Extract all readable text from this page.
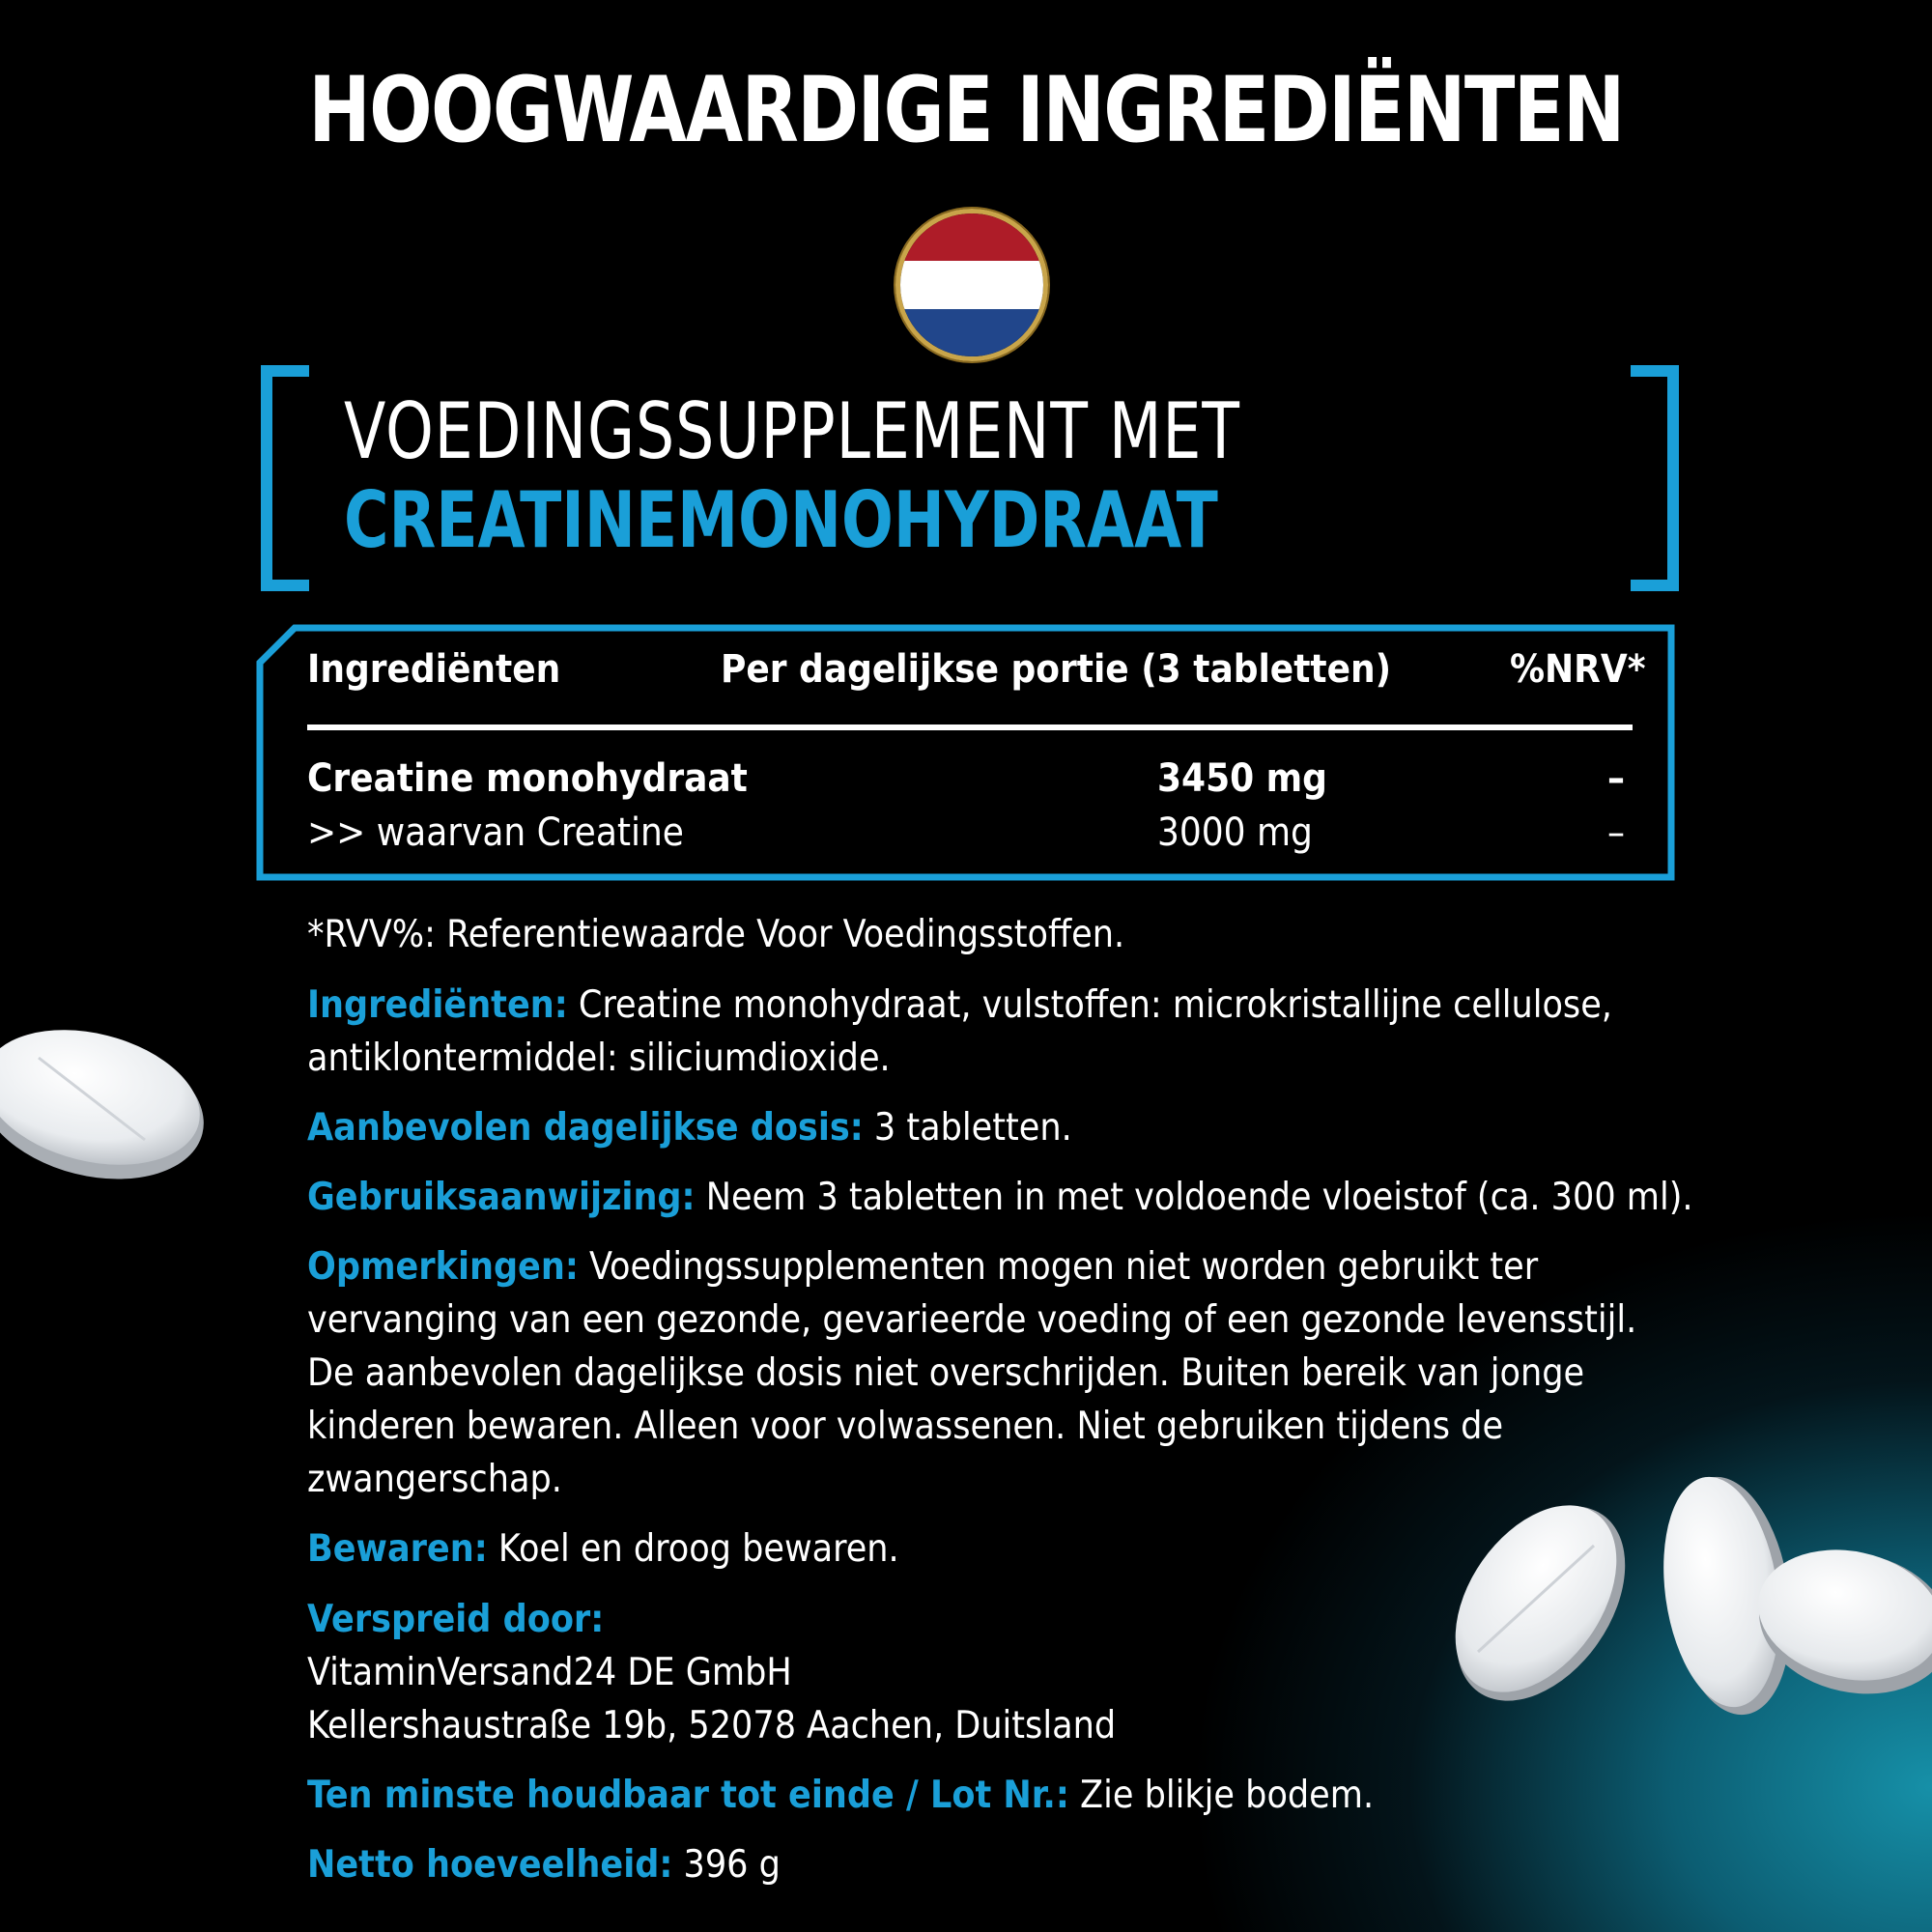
HOOGWAARDIGE INGREDIËNTEN
VOEDINGSSUPPLEMENT MET
CREATINEMONOHYDRAAT
Ingrediënten	Per dagelijkse portie (3 tabletten)	%NRV*
Creatine monohydraat	3450 mg	–
>> waarvan Creatine	3000 mg	–
*RVV%: Referentiewaarde Voor Voedingsstoffen.
Ingrediënten: Creatine monohydraat, vulstoffen: microkristallijne cellulose, antiklontermiddel: siliciumdioxide.
Aanbevolen dagelijkse dosis: 3 tabletten.
Gebruiksaanwijzing: Neem 3 tabletten in met voldoende vloeistof (ca. 300 ml).
Opmerkingen: Voedingssupplementen mogen niet worden gebruikt ter vervanging van een gezonde, gevarieerde voeding of een gezonde levensstijl. De aanbevolen dagelijkse dosis niet overschrijden. Buiten bereik van jonge kinderen bewaren. Alleen voor volwassenen. Niet gebruiken tijdens de zwangerschap.
Bewaren: Koel en droog bewaren.
Verspreid door:
VitaminVersand24 DE GmbH
Kellershaustraße 19b, 52078 Aachen, Duitsland
Ten minste houdbaar tot einde / Lot Nr.: Zie blikje bodem.
Netto hoeveelheid: 396 g
